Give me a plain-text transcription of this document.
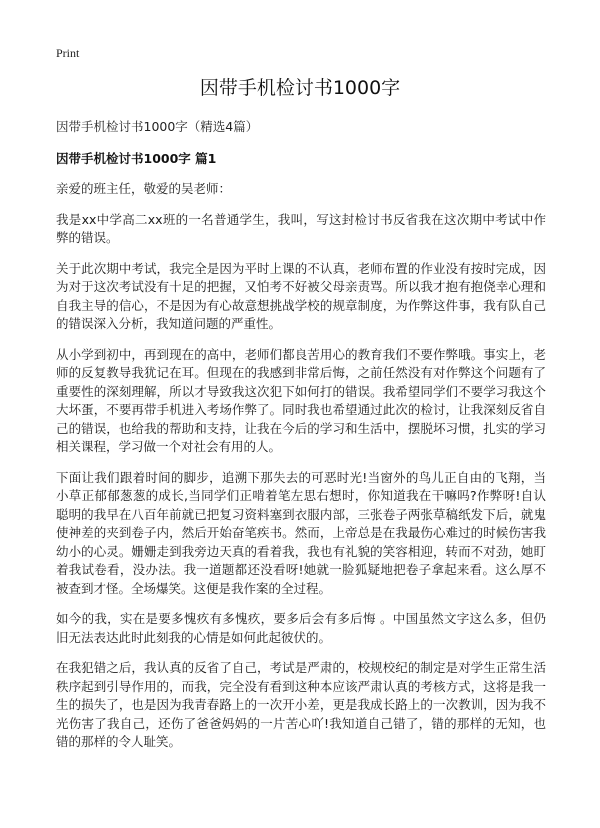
Print
因带手机检讨书1000字
因带手机检讨书1000字（精选4篇）
因带手机检讨书1000字 篇1

亲爱的班主任，敬爱的吴老师：

我是xx中学高二xx班的一名普通学生，我叫，写这封检讨书反省我在这次期中考试中作弊的错误。

关于此次期中考试，我完全是因为平时上课的不认真，老师布置的作业没有按时完成，因为对于这次考试没有十足的把握，又怕考不好被父母亲责骂。所以我才抱有抱侥幸心理和自我主导的信心，不是因为有心故意想挑战学校的规章制度，为作弊这件事，我有队自己的错误深入分析，我知道问题的严重性。

从小学到初中，再到现在的高中，老师们都良苦用心的教育我们不要作弊哦。事实上，老师的反复教导我犹记在耳。但现在的我感到非常后悔，之前任然没有对作弊这个问题有了重要性的深刻理解，所以才导致我这次犯下如何打的错误。我希望同学们不要学习我这个大坏蛋，不要再带手机进入考场作弊了。同时我也希望通过此次的检讨，让我深刻反省自己的错误，也给我的帮助和支持，让我在今后的学习和生活中，摆脱坏习惯，扎实的学习相关课程，学习做一个对社会有用的人。

下面让我们跟着时间的脚步，追溯下那失去的可恶时光!当窗外的鸟儿正自由的飞翔，当小草正郁郁葱葱的成长,当同学们正啃着笔左思右想时，你知道我在干嘛吗?作弊呀!自认聪明的我早在八百年前就已把复习资料塞到衣服内部，三张卷子两张草稿纸发下后，就鬼使神差的夹到卷子内，然后开始奋笔疾书。然而，上帝总是在我最伤心难过的时候伤害我幼小的心灵。姗姗走到我旁边天真的看着我，我也有礼貌的笑容相迎，转而不对劲，她盯着我试卷看，没办法。我一道题都还没看呀!她就一脸狐疑地把卷子拿起来看。这么厚不被查到才怪。全场爆笑。这便是我作案的全过程。

如今的我，实在是要多愧疚有多愧疚，要多后会有多后悔 。中国虽然文字这么多，但仍旧无法表达此时此刻我的心情是如何此起彼伏的。

在我犯错之后，我认真的反省了自己，考试是严肃的，校规校纪的制定是对学生正常生活秩序起到引导作用的，而我，完全没有看到这种本应该严肃认真的考核方式，这将是我一生的损失了，也是因为我青春路上的一次开小差，更是我成长路上的一次教训，因为我不光伤害了我自己，还伤了爸爸妈妈的一片苦心吖!我知道自己错了，错的那样的无知，也错的那样的令人耻笑。
